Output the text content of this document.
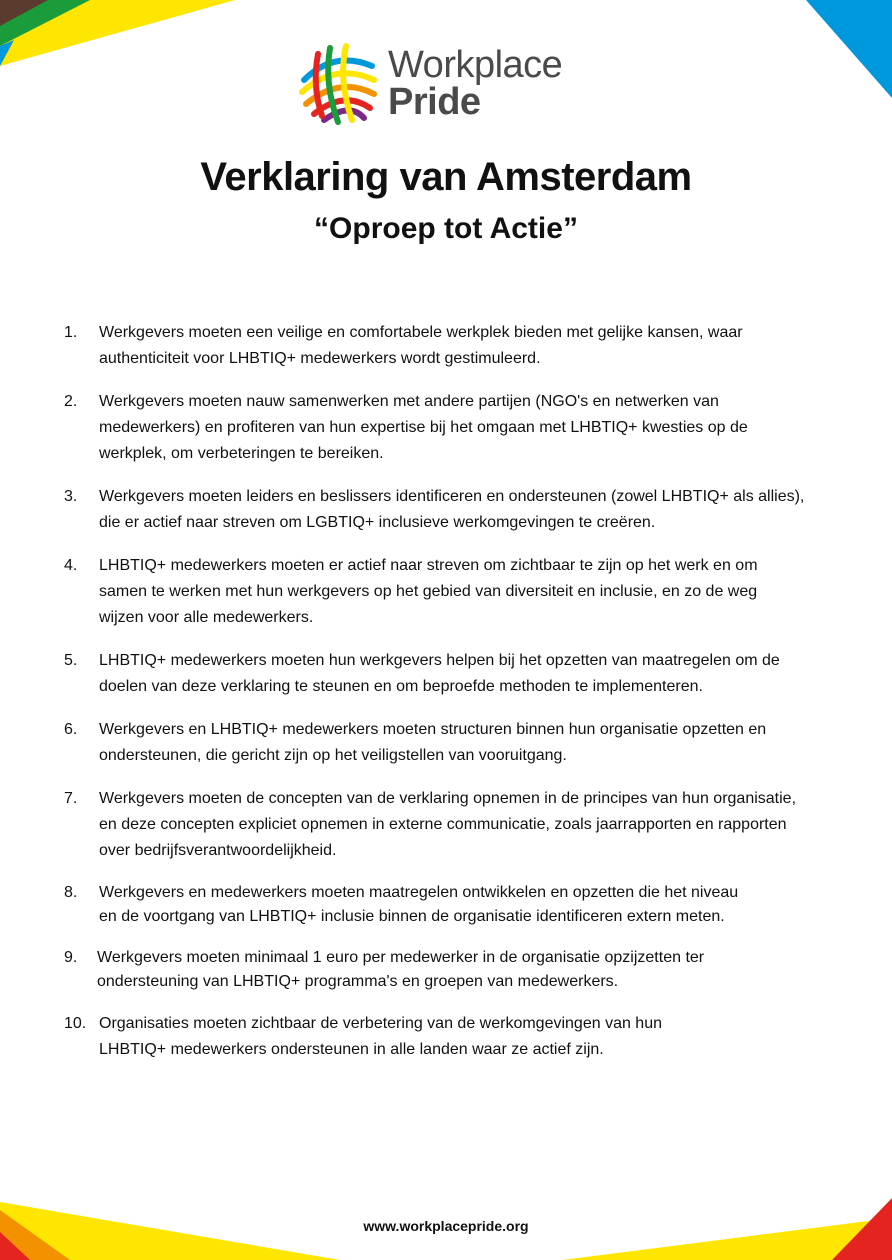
Workplace
Pride
Verklaring van Amsterdam
“Oproep tot Actie”
1. Werkgevers moeten een veilige en comfortabele werkplek bieden met gelijke kansen, waar
authenticiteit voor LHBTIQ+ medewerkers wordt gestimuleerd.
2. Werkgevers moeten nauw samenwerken met andere partijen (NGO's en netwerken van
medewerkers) en profiteren van hun expertise bij het omgaan met LHBTIQ+ kwesties op de
werkplek, om verbeteringen te bereiken.
3. Werkgevers moeten leiders en beslissers identificeren en ondersteunen (zowel LHBTIQ+ als allies),
die er actief naar streven om LGBTIQ+ inclusieve werkomgevingen te creëren.
4. LHBTIQ+ medewerkers moeten er actief naar streven om zichtbaar te zijn op het werk en om
samen te werken met hun werkgevers op het gebied van diversiteit en inclusie, en zo de weg
wijzen voor alle medewerkers.
5. LHBTIQ+ medewerkers moeten hun werkgevers helpen bij het opzetten van maatregelen om de
doelen van deze verklaring te steunen en om beproefde methoden te implementeren.
6. Werkgevers en LHBTIQ+ medewerkers moeten structuren binnen hun organisatie opzetten en
ondersteunen, die gericht zijn op het veiligstellen van vooruitgang.
7. Werkgevers moeten de concepten van de verklaring opnemen in de principes van hun organisatie,
en deze concepten expliciet opnemen in externe communicatie, zoals jaarrapporten en rapporten
over bedrijfsverantwoordelijkheid.
8. Werkgevers en medewerkers moeten maatregelen ontwikkelen en opzetten die het niveau
en de voortgang van LHBTIQ+ inclusie binnen de organisatie identificeren extern meten.
9. Werkgevers moeten minimaal 1 euro per medewerker in de organisatie opzijzetten ter
ondersteuning van LHBTIQ+ programma's en groepen van medewerkers.
10. Organisaties moeten zichtbaar de verbetering van de werkomgevingen van hun
LHBTIQ+ medewerkers ondersteunen in alle landen waar ze actief zijn.
www.workplacepride.org
